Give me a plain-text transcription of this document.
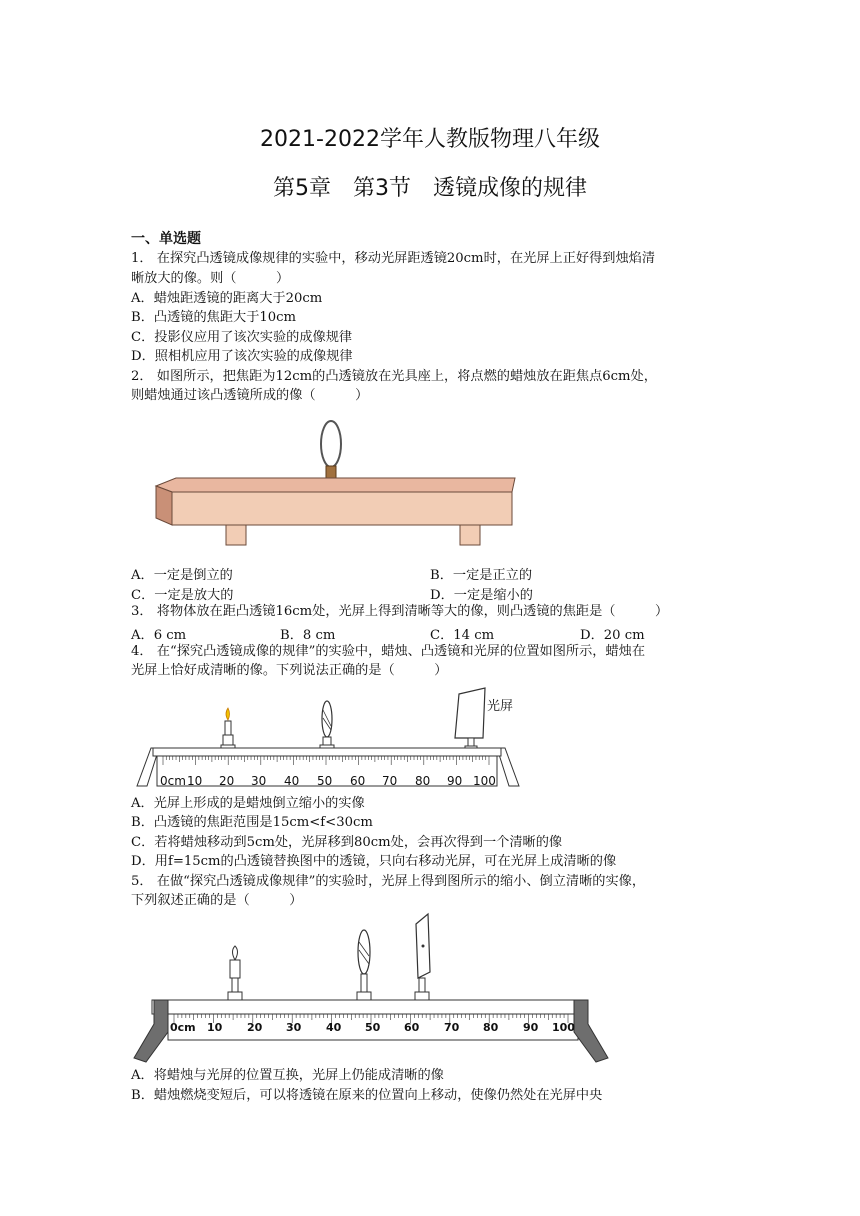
2021-2022学年人教版物理八年级
第5章　第3节　透镜成像的规律
一、单选题
1． 在探究凸透镜成像规律的实验中，移动光屏距透镜20cm时，在光屏上正好得到烛焰清
晰放大的像。则（　　　）
A．蜡烛距透镜的距离大于20cm
B．凸透镜的焦距大于10cm
C．投影仪应用了该次实验的成像规律
D．照相机应用了该次实验的成像规律
2． 如图所示，把焦距为12cm的凸透镜放在光具座上，将点燃的蜡烛放在距焦点6cm处，
则蜡烛通过该凸透镜所成的像（　　　）
A．一定是倒立的	B．一定是正立的
C．一定是放大的	D．一定是缩小的
3． 将物体放在距凸透镜16cm处，光屏上得到清晰等大的像，则凸透镜的焦距是（　　　）
A．6 cm	B．8 cm	C．14 cm	D．20 cm
4． 在“探究凸透镜成像的规律”的实验中，蜡烛、凸透镜和光屏的位置如图所示，蜡烛在
光屏上恰好成清晰的像。下列说法正确的是（　　　）
光屏
0cm 10 20 30 40 50 60 70 80 90 100
A．光屏上形成的是蜡烛倒立缩小的实像
B．凸透镜的焦距范围是15cm<f<30cm
C．若将蜡烛移动到5cm处，光屏移到80cm处，会再次得到一个清晰的像
D．用f=15cm的凸透镜替换图中的透镜，只向右移动光屏，可在光屏上成清晰的像
5． 在做“探究凸透镜成像规律”的实验时，光屏上得到图所示的缩小、倒立清晰的实像，
下列叙述正确的是（　　　）
0cm 10 20 30 40 50 60 70 80 90 100
A．将蜡烛与光屏的位置互换，光屏上仍能成清晰的像
B．蜡烛燃烧变短后，可以将透镜在原来的位置向上移动，使像仍然处在光屏中央
